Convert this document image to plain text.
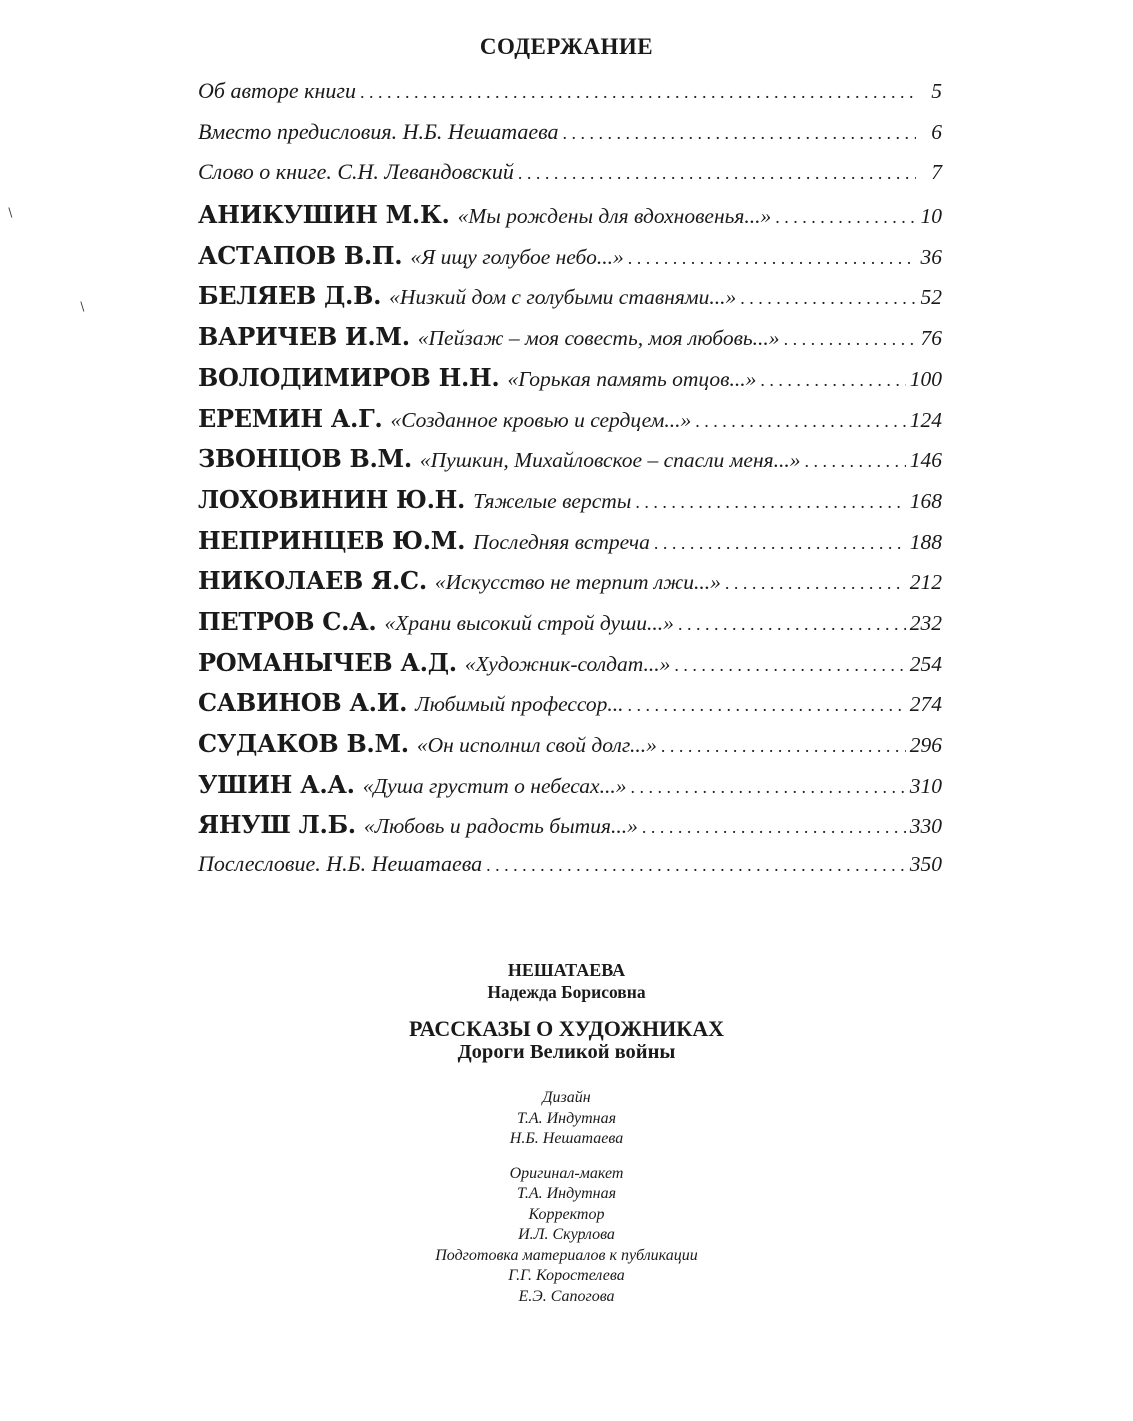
СОДЕРЖАНИЕ
Об авторе книги . . .	5
Вместо предисловия. Н.Б. Нешатаева . . .	6
Слово о книге. С.Н. Левандовский . . .	7
АНИКУШИН М.К. «Мы рождены для вдохновенья...» . . .	10
АСТАПОВ В.П. «Я ищу голубое небо...» . . .	36
БЕЛЯЕВ Д.В. «Низкий дом с голубыми ставнями...» . . .	52
ВАРИЧЕВ И.М. «Пейзаж – моя совесть, моя любовь...» . . .	76
ВОЛОДИМИРОВ Н.Н. «Горькая память отцов...» . . .	100
ЕРЕМИН А.Г. «Созданное кровью и сердцем...» . . .	124
ЗВОНЦОВ В.М. «Пушкин, Михайловское – спасли меня...» . . .	146
ЛОХОВИНИН Ю.Н. Тяжелые версты . . .	168
НЕПРИНЦЕВ Ю.М. Последняя встреча . . .	188
НИКОЛАЕВ Я.С. «Искусство не терпит лжи...» . . .	212
ПЕТРОВ С.А. «Храни высокий строй души...» . . .	232
РОМАНЫЧЕВ А.Д. «Художник-солдат...» . . .	254
САВИНОВ А.И. Любимый профессор... . . .	274
СУДАКОВ В.М. «Он исполнил свой долг...» . . .	296
УШИН А.А. «Душа грустит о небесах...» . . .	310
ЯНУШ Л.Б. «Любовь и радость бытия...» . . .	330
Послесловие. Н.Б. Нешатаева . . .	350
НЕШАТАЕВА
Надежда Борисовна
РАССКАЗЫ О ХУДОЖНИКАХ
Дороги Великой войны
Дизайн
Т.А. Индутная
Н.Б. Нешатаева
Оригинал-макет
Т.А. Индутная
Корректор
И.Л. Скурлова
Подготовка материалов к публикации
Г.Г. Коростелева
Е.Э. Сапогова
∖
∖
